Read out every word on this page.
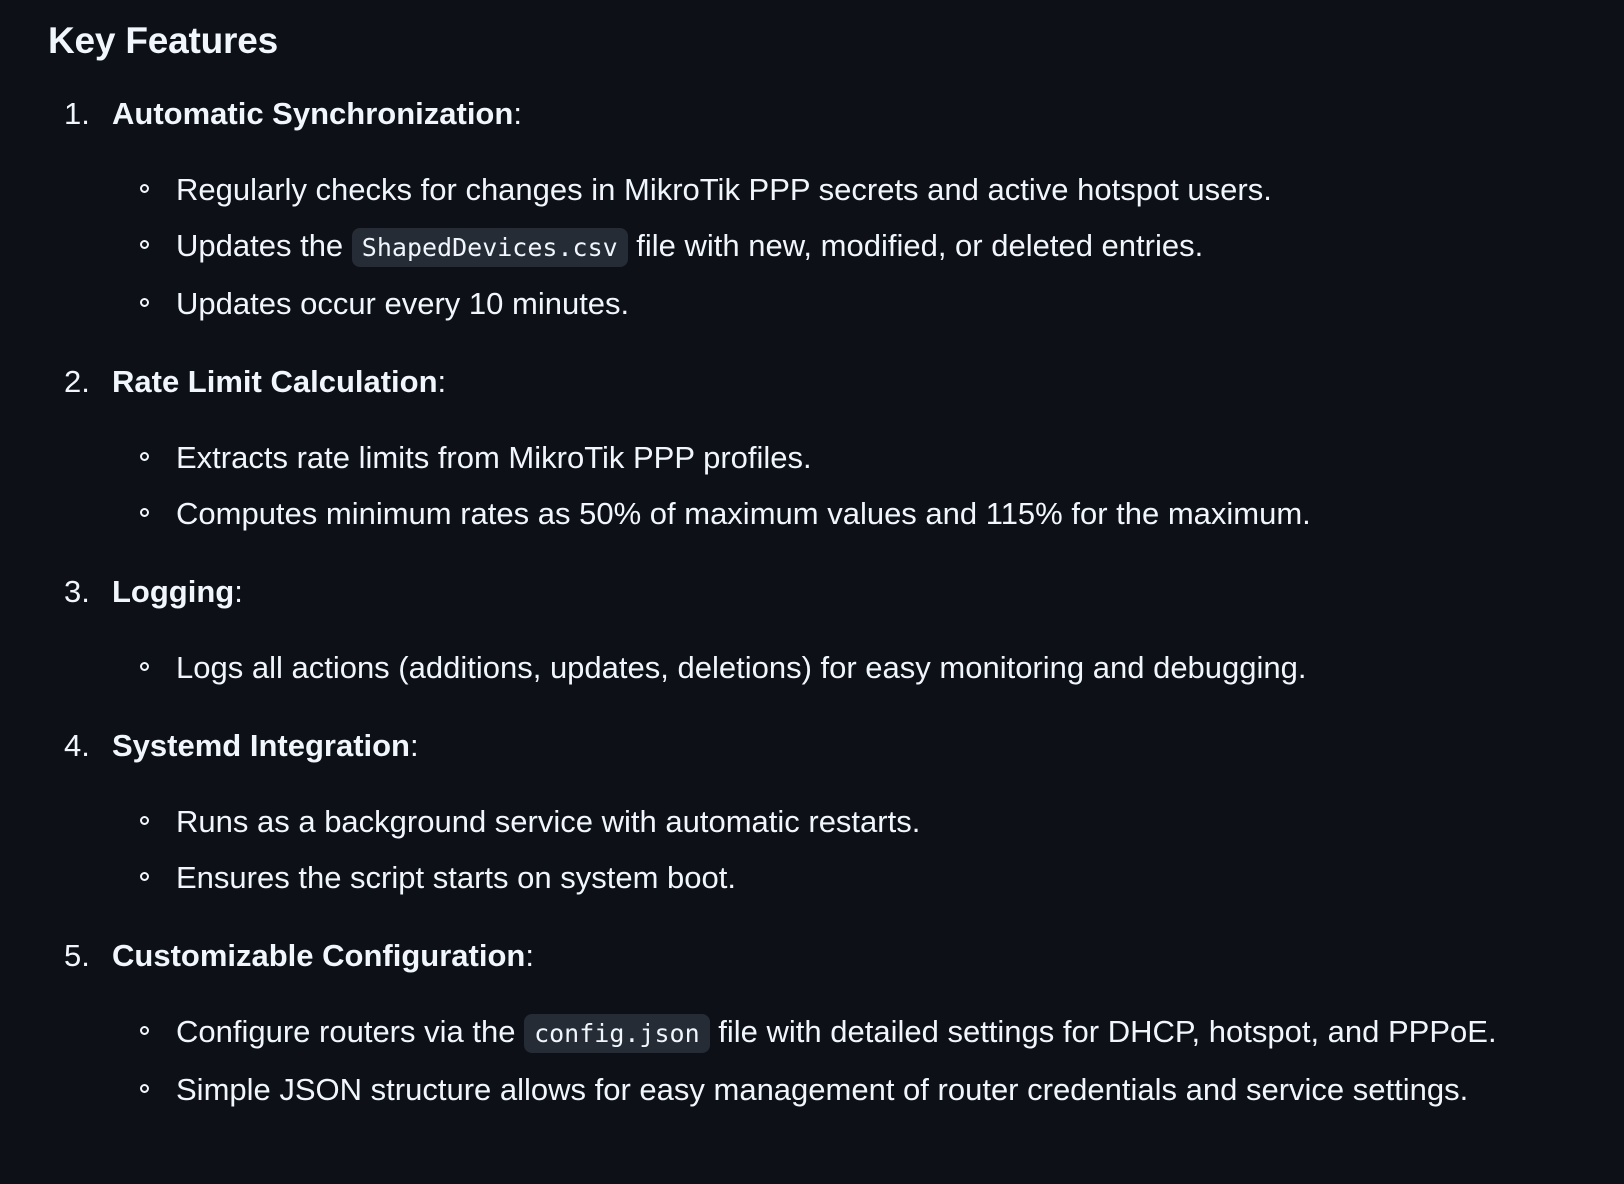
Key Features
1. Automatic Synchronization:
Regularly checks for changes in MikroTik PPP secrets and active hotspot users.
Updates the ShapedDevices.csv file with new, modified, or deleted entries.
Updates occur every 10 minutes.
2. Rate Limit Calculation:
Extracts rate limits from MikroTik PPP profiles.
Computes minimum rates as 50% of maximum values and 115% for the maximum.
3. Logging:
Logs all actions (additions, updates, deletions) for easy monitoring and debugging.
4. Systemd Integration:
Runs as a background service with automatic restarts.
Ensures the script starts on system boot.
5. Customizable Configuration:
Configure routers via the config.json file with detailed settings for DHCP, hotspot, and PPPoE.
Simple JSON structure allows for easy management of router credentials and service settings.
